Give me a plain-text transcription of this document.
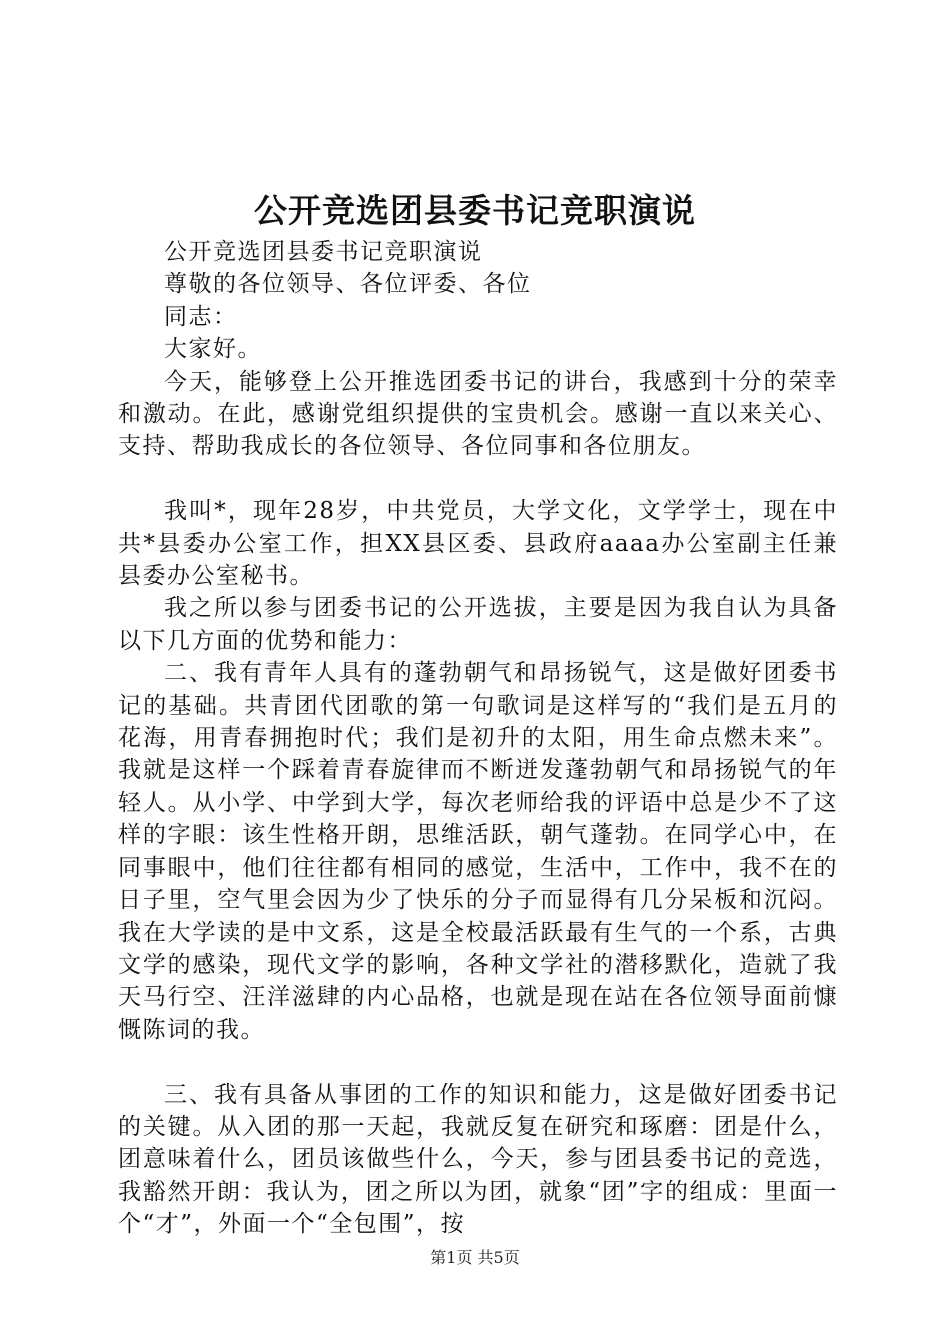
公开竞选团县委书记竞职演说

公开竞选团县委书记竞职演说

尊敬的各位领导、各位评委、各位

同志：

大家好。

今天，能够登上公开推选团委书记的讲台，我感到十分的荣幸和激动。在此，感谢党组织提供的宝贵机会。感谢一直以来关心、支持、帮助我成长的各位领导、各位同事和各位朋友。

我叫*，现年28岁，中共党员，大学文化，文学学士，现在中共*县委办公室工作，担XX县区委、县政府aaaa办公室副主任兼县委办公室秘书。

我之所以参与团委书记的公开选拔，主要是因为我自认为具备以下几方面的优势和能力：

二、我有青年人具有的蓬勃朝气和昂扬锐气，这是做好团委书记的基础。共青团代团歌的第一句歌词是这样写的“我们是五月的花海，用青春拥抱时代；我们是初升的太阳，用生命点燃未来”。我就是这样一个踩着青春旋律而不断迸发蓬勃朝气和昂扬锐气的年轻人。从小学、中学到大学，每次老师给我的评语中总是少不了这样的字眼：该生性格开朗，思维活跃，朝气蓬勃。在同学心中，在同事眼中，他们往往都有相同的感觉，生活中，工作中，我不在的日子里，空气里会因为少了快乐的分子而显得有几分呆板和沉闷。我在大学读的是中文系，这是全校最活跃最有生气的一个系，古典文学的感染，现代文学的影响，各种文学社的潜移默化，造就了我天马行空、汪洋滋肆的内心品格，也就是现在站在各位领导面前慷慨陈词的我。

三、我有具备从事团的工作的知识和能力，这是做好团委书记的关键。从入团的那一天起，我就反复在研究和琢磨：团是什么，团意味着什么，团员该做些什么，今天，参与团县委书记的竞选，我豁然开朗：我认为，团之所以为团，就象“团”字的组成：里面一个“才”，外面一个“全包围”，按

第1页 共5页
